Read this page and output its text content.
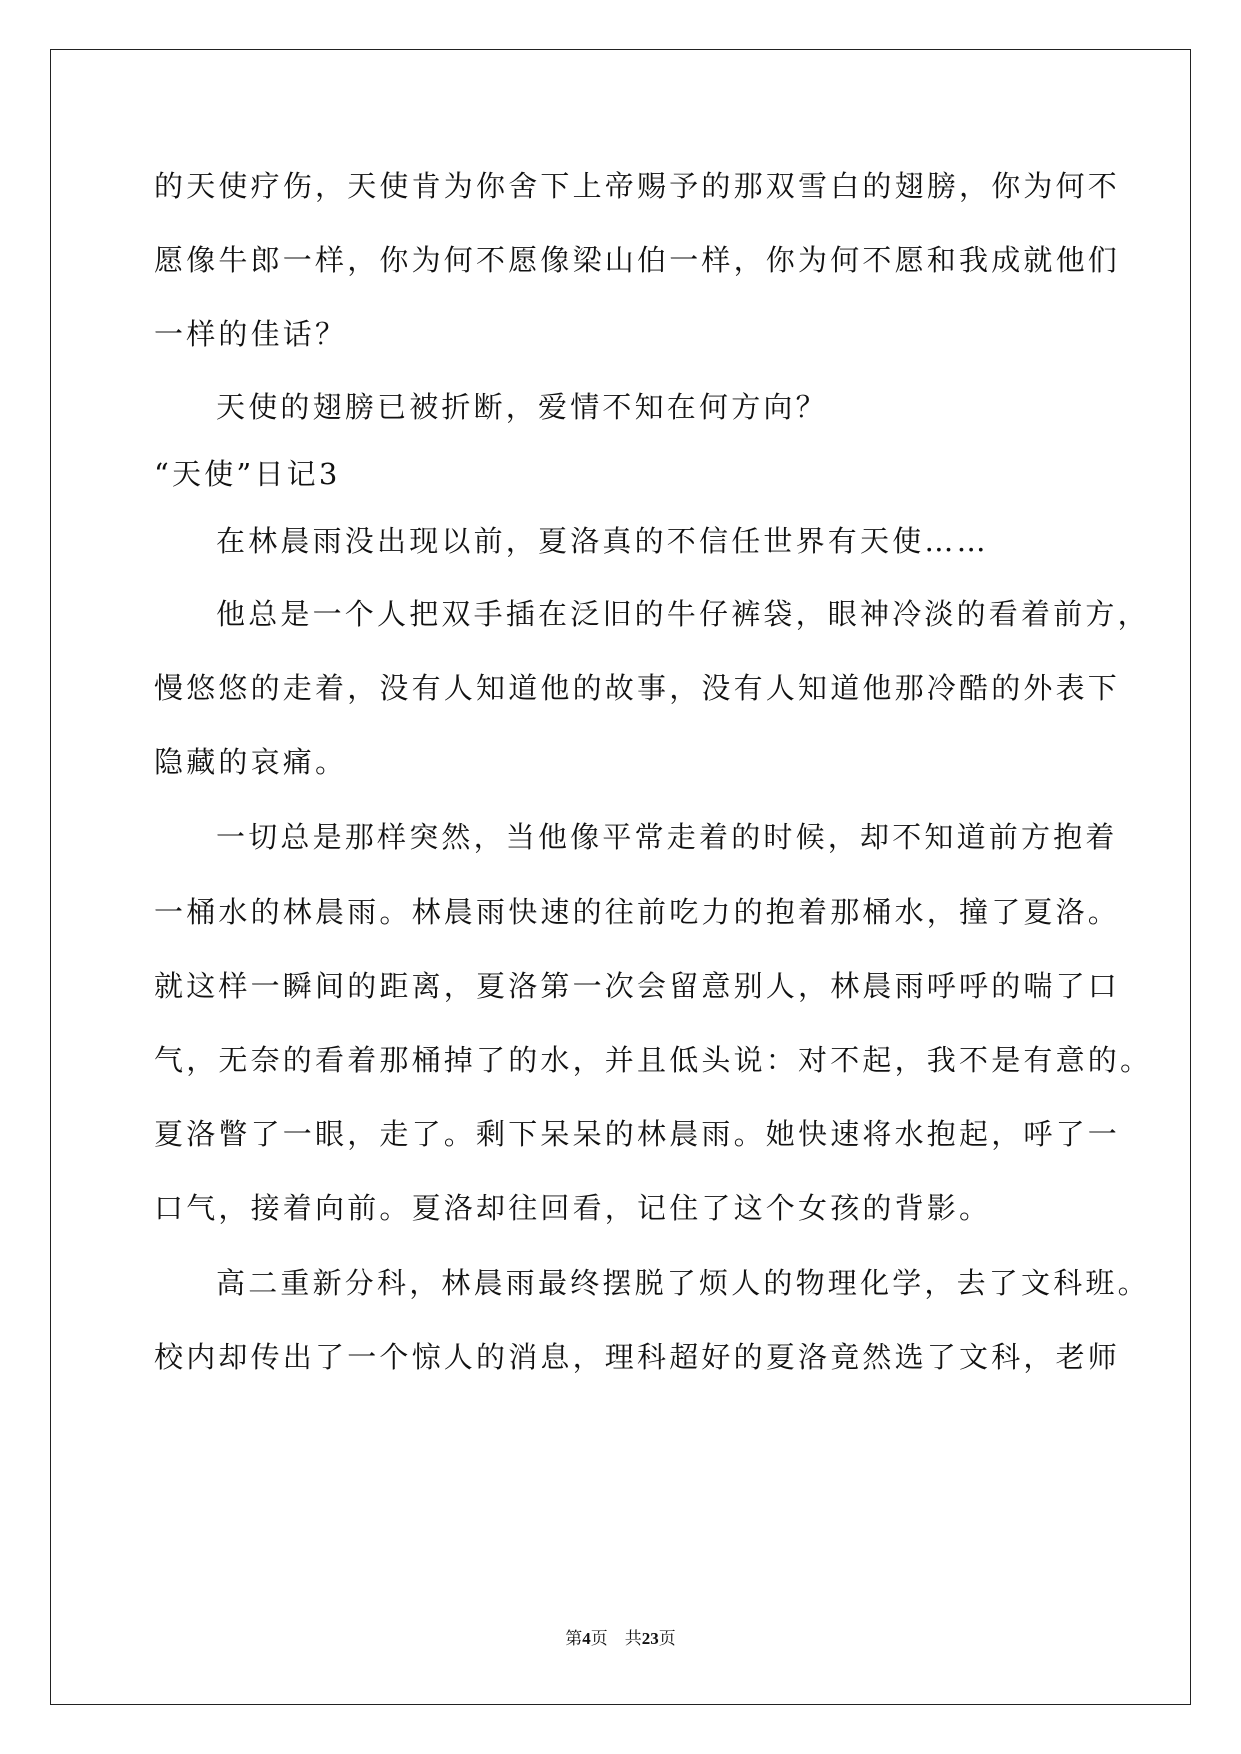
的天使疗伤，天使肯为你舍下上帝赐予的那双雪白的翅膀，你为何不
愿像牛郎一样，你为何不愿像梁山伯一样，你为何不愿和我成就他们
一样的佳话？
天使的翅膀已被折断，爱情不知在何方向？
“天使”日记3
在林晨雨没出现以前，夏洛真的不信任世界有天使……
他总是一个人把双手插在泛旧的牛仔裤袋，眼神冷淡的看着前方，
慢悠悠的走着，没有人知道他的故事，没有人知道他那冷酷的外表下
隐藏的哀痛。
一切总是那样突然，当他像平常走着的时候，却不知道前方抱着
一桶水的林晨雨。林晨雨快速的往前吃力的抱着那桶水，撞了夏洛。
就这样一瞬间的距离，夏洛第一次会留意别人，林晨雨呼呼的喘了口
气，无奈的看着那桶掉了的水，并且低头说：对不起，我不是有意的。
夏洛瞥了一眼，走了。剩下呆呆的林晨雨。她快速将水抱起，呼了一
口气，接着向前。夏洛却往回看，记住了这个女孩的背影。
高二重新分科，林晨雨最终摆脱了烦人的物理化学，去了文科班。
校内却传出了一个惊人的消息，理科超好的夏洛竟然选了文科，老师
第4页　共23页
